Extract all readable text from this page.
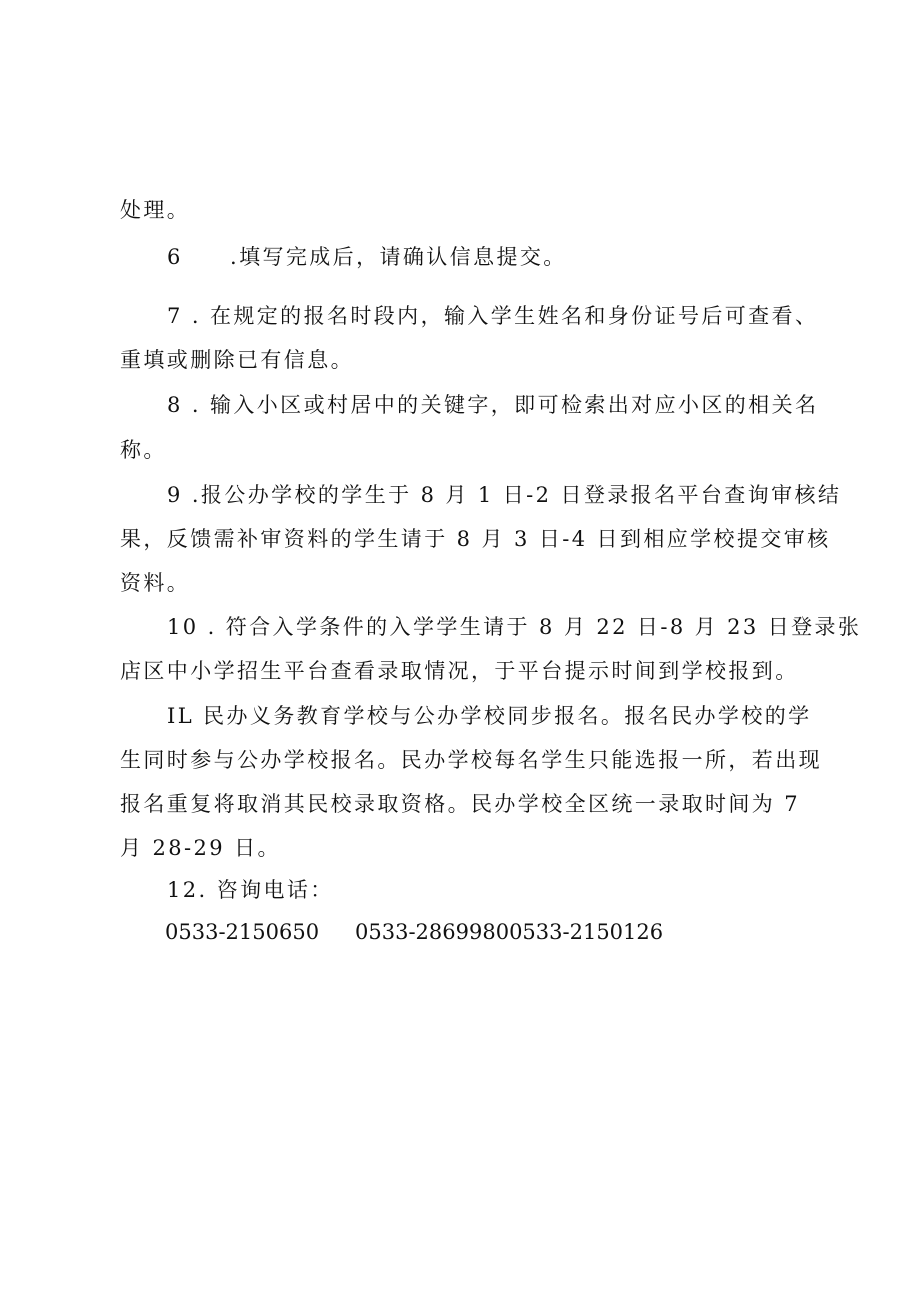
处理。
6 .填写完成后，请确认信息提交。
7 . 在规定的报名时段内，输入学生姓名和身份证号后可查看、
重填或删除已有信息。
8 . 输入小区或村居中的关键字，即可检索出对应小区的相关名
称。
9 .报公办学校的学生于 8 月 1 日-2 日登录报名平台查询审核结
果，反馈需补审资料的学生请于 8 月 3 日-4 日到相应学校提交审核
资料。
10 . 符合入学条件的入学学生请于 8 月 22 日-8 月 23 日登录张
店区中小学招生平台查看录取情况，于平台提示时间到学校报到。
IL 民办义务教育学校与公办学校同步报名。报名民办学校的学
生同时参与公办学校报名。民办学校每名学生只能选报一所，若出现
报名重复将取消其民校录取资格。民办学校全区统一录取时间为 7
月 28-29 日。
12. 咨询电话：
0533-2150650 0533-28699800533-2150126
